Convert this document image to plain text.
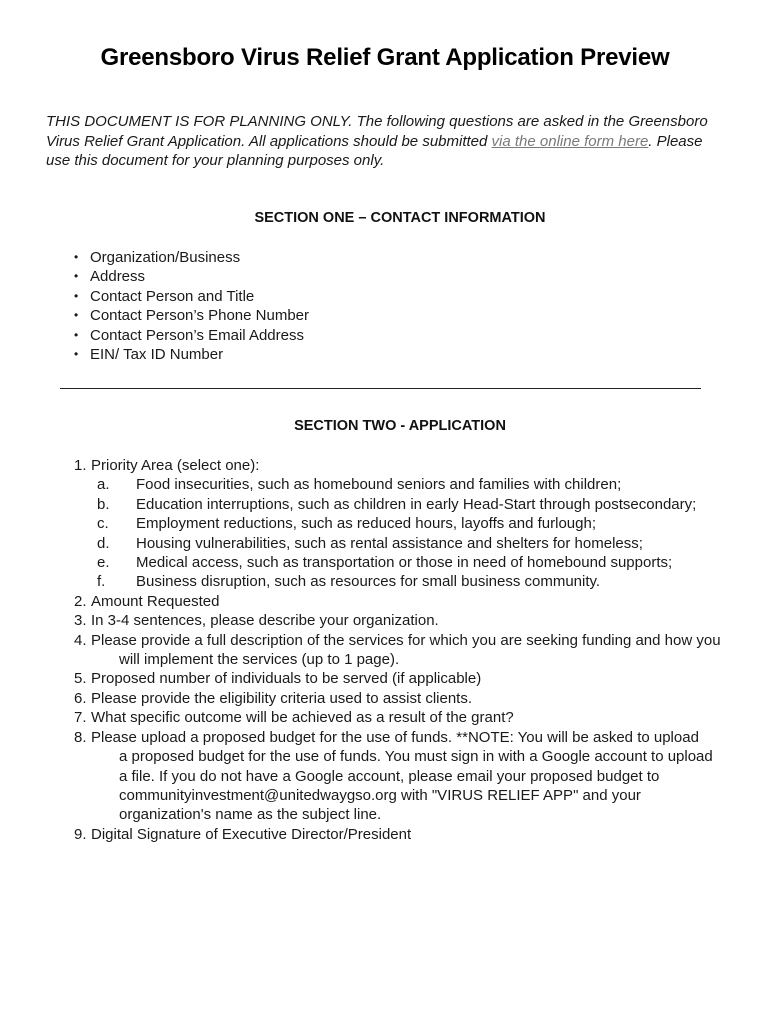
Greensboro Virus Relief Grant Application Preview
THIS DOCUMENT IS FOR PLANNING ONLY. The following questions are asked in the Greensboro Virus Relief Grant Application. All applications should be submitted via the online form here. Please use this document for your planning purposes only.
SECTION ONE – CONTACT INFORMATION
• Organization/Business
• Address
• Contact Person and Title
• Contact Person’s Phone Number
• Contact Person’s Email Address
• EIN/ Tax ID Number
SECTION TWO - APPLICATION
1. Priority Area (select one):
a. Food insecurities, such as homebound seniors and families with children;
b. Education interruptions, such as children in early Head-Start through postsecondary;
c. Employment reductions, such as reduced hours, layoffs and furlough;
d. Housing vulnerabilities, such as rental assistance and shelters for homeless;
e. Medical access, such as transportation or those in need of homebound supports;
f. Business disruption, such as resources for small business community.
2. Amount Requested
3. In 3-4 sentences, please describe your organization.
4. Please provide a full description of the services for which you are seeking funding and how you
will implement the services (up to 1 page).
5. Proposed number of individuals to be served (if applicable)
6. Please provide the eligibility criteria used to assist clients.
7. What specific outcome will be achieved as a result of the grant?
8. Please upload a proposed budget for the use of funds. **NOTE: You will be asked to upload
a proposed budget for the use of funds. You must sign in with a Google account to upload
a file. If you do not have a Google account, please email your proposed budget to
communityinvestment@unitedwaygso.org with "VIRUS RELIEF APP" and your
organization's name as the subject line.
9. Digital Signature of Executive Director/President
